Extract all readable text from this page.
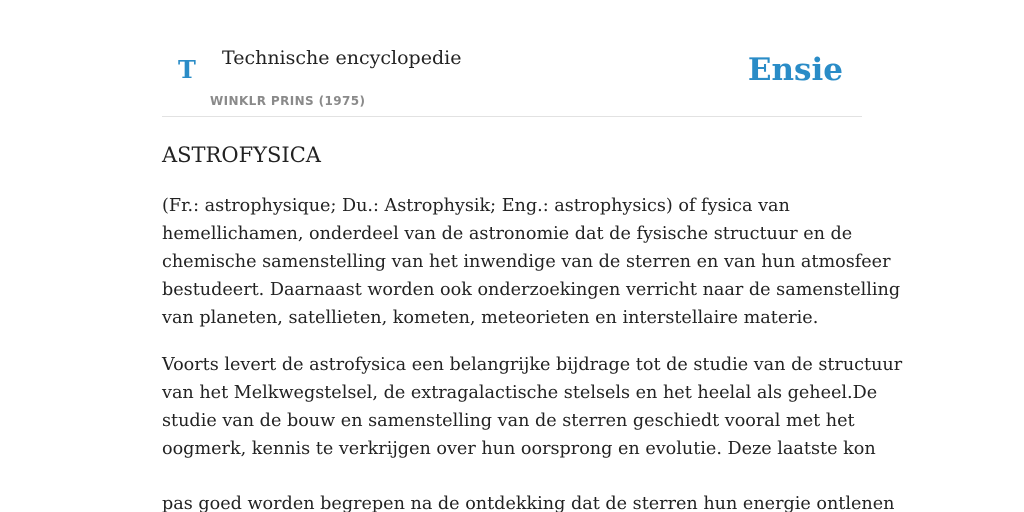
T Technische encyclopedie
WINKLR PRINS (1975)
Ensie
ASTROFYSICA

(Fr.: astrophysique; Du.: Astrophysik; Eng.: astrophysics) of fysica van
hemellichamen, onderdeel van de astronomie dat de fysische structuur en de
chemische samenstelling van het inwendige van de sterren en van hun atmosfeer
bestudeert. Daarnaast worden ook onderzoekingen verricht naar de samenstelling
van planeten, satellieten, kometen, meteorieten en interstellaire materie.

Voorts levert de astrofysica een belangrijke bijdrage tot de studie van de structuur
van het Melkwegstelsel, de extragalactische stelsels en het heelal als geheel.De
studie van de bouw en samenstelling van de sterren geschiedt vooral met het
oogmerk, kennis te verkrijgen over hun oorsprong en evolutie. Deze laatste kon

pas goed worden begrepen na de ontdekking dat de sterren hun energie ontlenen
